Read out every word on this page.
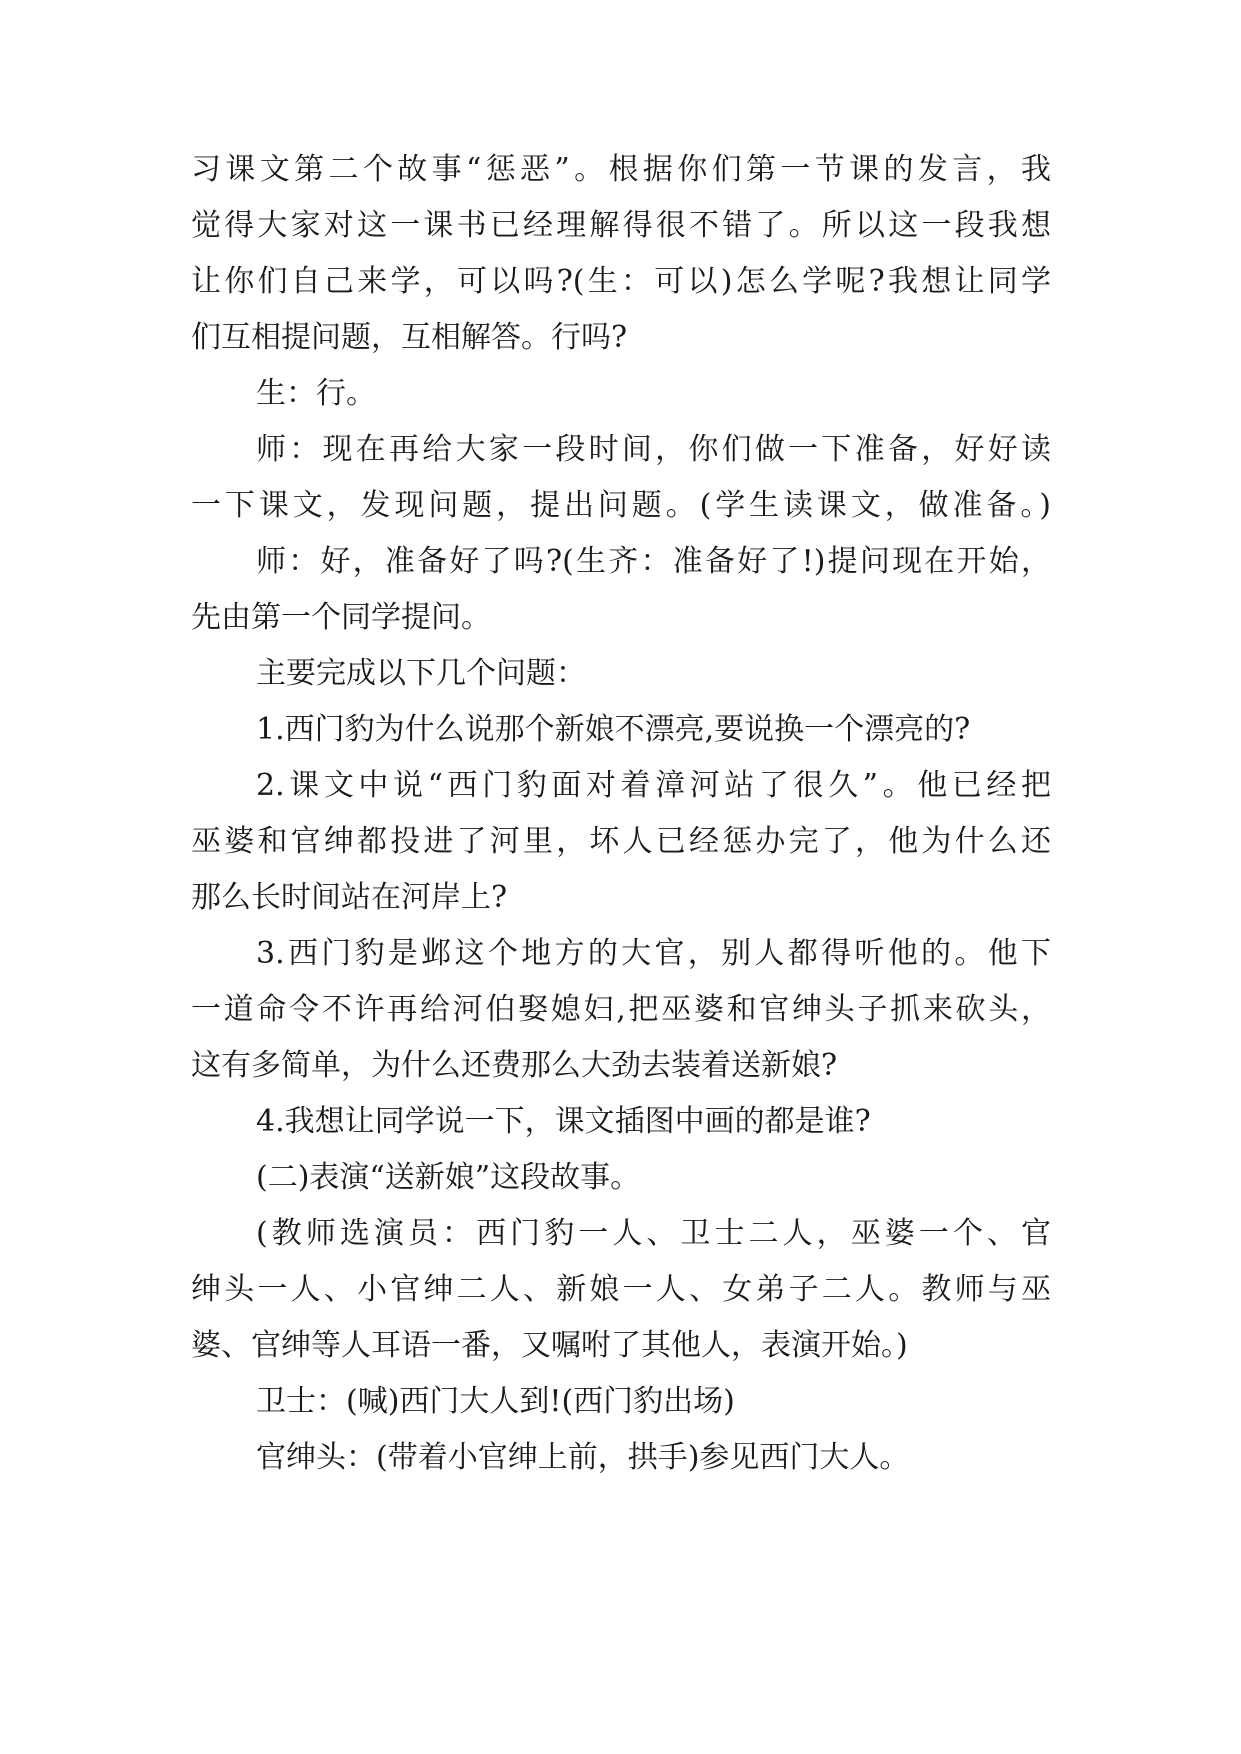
习课文第二个故事“惩恶”。根据你们第一节课的发言，我
觉得大家对这一课书已经理解得很不错了。所以这一段我想
让你们自己来学，可以吗?(生：可以)怎么学呢?我想让同学
们互相提问题，互相解答。行吗?
生：行。
师：现在再给大家一段时间，你们做一下准备，好好读
一下课文，发现问题，提出问题。(学生读课文，做准备。)
师：好，准备好了吗?(生齐：准备好了!)提问现在开始，
先由第一个同学提问。
主要完成以下几个问题：
1.西门豹为什么说那个新娘不漂亮,要说换一个漂亮的?
2.课文中说“西门豹面对着漳河站了很久”。他已经把
巫婆和官绅都投进了河里，坏人已经惩办完了，他为什么还
那么长时间站在河岸上?
3.西门豹是邺这个地方的大官，别人都得听他的。他下
一道命令不许再给河伯娶媳妇,把巫婆和官绅头子抓来砍头，
这有多简单，为什么还费那么大劲去装着送新娘?
4.我想让同学说一下，课文插图中画的都是谁?
(二)表演“送新娘”这段故事。
(教师选演员：西门豹一人、卫士二人，巫婆一个、官
绅头一人、小官绅二人、新娘一人、女弟子二人。教师与巫
婆、官绅等人耳语一番，又嘱咐了其他人，表演开始。)
卫士：(喊)西门大人到!(西门豹出场)
官绅头：(带着小官绅上前，拱手)参见西门大人。
